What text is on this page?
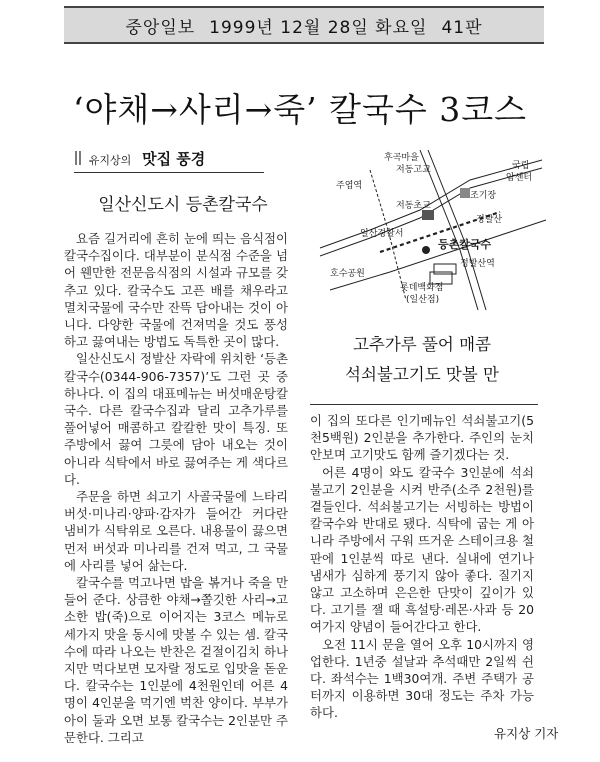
중앙일보 1999년 12월 28일 화요일 41판
‘야채→사리→죽’ 칼국수 3코스
유지상의 맛집 풍경
일산신도시 등촌칼국수
후곡마을
저동고교	국립
암센터
주엽역
조기장
저동초교
정발산
일산경찰서
등촌칼국수
호수공원
정발산역
롯데백화점
(일산점)
고추가루 풀어 매콤
석쇠불고기도 맛볼 만

요즘 길거리에 흔히 눈에 띄는 음식점이 칼국수집이다. 대부분이 분식점 수준을 넘어 웬만한 전문음식점의 시설과 규모를 갖추고 있다. 칼국수도 고픈 배를 채우라고 멸치국물에 국수만 잔뜩 담아내는 것이 아니다. 다양한 국물에 건져먹을 것도 풍성하고 끓여내는 방법도 독특한 곳이 많다.

일산신도시 정발산 자락에 위치한 ‘등촌칼국수(0344-906-7357)’도 그런 곳 중 하나다. 이 집의 대표메뉴는 버섯매운탕칼국수. 다른 칼국수집과 달리 고추가루를 풀어넣어 매콤하고 칼칼한 맛이 특징. 또 주방에서 끓여 그릇에 담아 내오는 것이 아니라 식탁에서 바로 끓여주는 게 색다르다.

주문을 하면 쇠고기 사골국물에 느타리버섯·미나리·양파·감자가 들어간 커다란 냄비가 식탁위로 오른다. 내용물이 끓으면 먼저 버섯과 미나리를 건져 먹고, 그 국물에 사리를 넣어 삶는다.

칼국수를 먹고나면 밥을 볶거나 죽을 만들어 준다. 상큼한 야채→쫄깃한 사리→고소한 밥(죽)으로 이어지는 3코스 메뉴로 세가지 맛을 동시에 맛볼 수 있는 셈. 칼국수에 따라 나오는 반찬은 겉절이김치 하나지만 먹다보면 모자랄 정도로 입맛을 돋운다. 칼국수는 1인분에 4천원인데 어른 4명이 4인분을 먹기엔 벅찬 양이다. 부부가 아이 둘과 오면 보통 칼국수는 2인분만 주문한다. 그리고

이 집의 또다른 인기메뉴인 석쇠불고기(5천5백원) 2인분을 추가한다. 주인의 눈치 안보며 고기맛도 함께 즐기겠다는 것.

어른 4명이 와도 칼국수 3인분에 석쇠불고기 2인분을 시켜 반주(소주 2천원)를 곁들인다. 석쇠불고기는 서빙하는 방법이 칼국수와 반대로 됐다. 식탁에 굽는 게 아니라 주방에서 구워 뜨거운 스테이크용 철판에 1인분씩 따로 낸다. 실내에 연기나 냄새가 심하게 풍기지 않아 좋다. 질기지 않고 고소하며 은은한 단맛이 깊이가 있다. 고기를 잴 때 흑설탕·레몬·사과 등 20여가지 양념이 들어간다고 한다.

오전 11시 문을 열어 오후 10시까지 영업한다. 1년중 설날과 추석때만 2일씩 쉰다. 좌석수는 1백30여개. 주변 주택가 공터까지 이용하면 30대 정도는 주차 가능하다.

유지상 기자
